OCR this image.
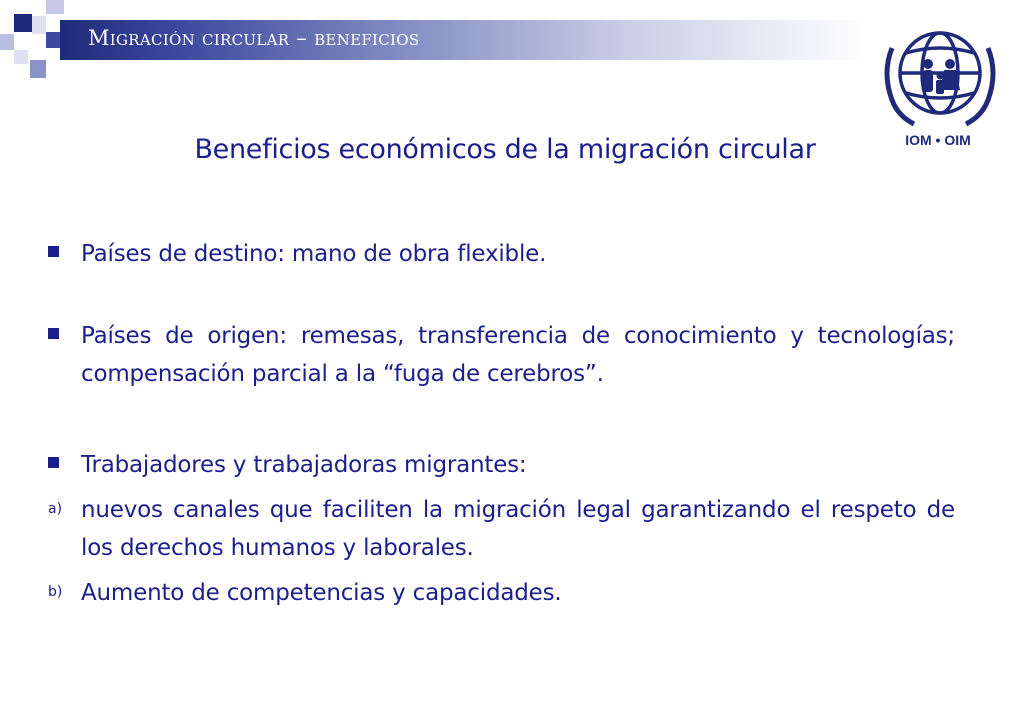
Migración circular – beneficios
IOM • OIM
Beneficios económicos de la migración circular
Países de destino: mano de obra flexible.
Países de origen: remesas, transferencia de conocimiento y tecnologías; compensación parcial a la “fuga de cerebros”.
Trabajadores y trabajadoras migrantes:
a) nuevos canales que faciliten la migración legal garantizando el respeto de los derechos humanos y laborales.
b) Aumento de competencias y capacidades.
